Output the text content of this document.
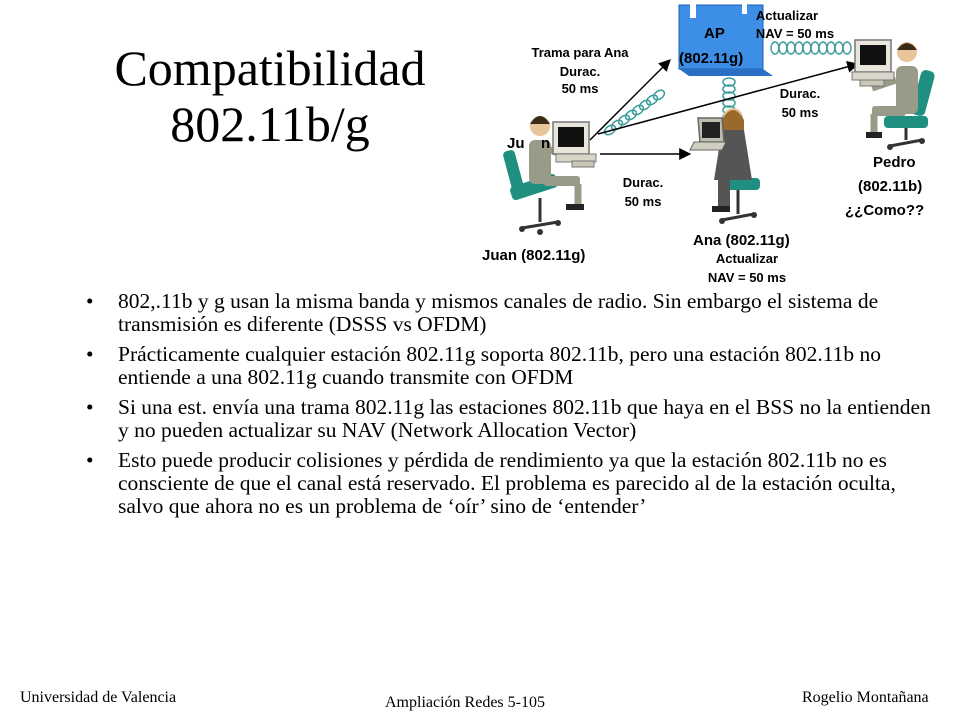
Compatibilidad
802.11b/g
AP
(802.11g)
Ju n
Juan (802.11g)
Ana (802.11g)
Pedro
(802.11b)
¿¿Como??
Trama para Ana
Durac.
50 ms
Actualizar
NAV = 50 ms
Durac.
50 ms
Durac.
50 ms
Actualizar
NAV = 50 ms
• 802,.11b y g usan la misma banda y mismos canales de radio. Sin embargo el sistema de transmisión es diferente (DSSS vs OFDM)
• Prácticamente cualquier estación 802.11g soporta 802.11b, pero una estación 802.11b no entiende a una 802.11g cuando transmite con OFDM
• Si una est. envía una trama 802.11g las estaciones 802.11b que haya en el BSS no la entienden y no pueden actualizar su NAV (Network Allocation Vector)
• Esto puede producir colisiones y pérdida de rendimiento ya que la estación 802.11b no es consciente de que el canal está reservado. El problema es parecido al de la estación oculta, salvo que ahora no es un problema de ‘oír’ sino de ‘entender’
Universidad de Valencia	Ampliación Redes 5-105	Rogelio Montañana
